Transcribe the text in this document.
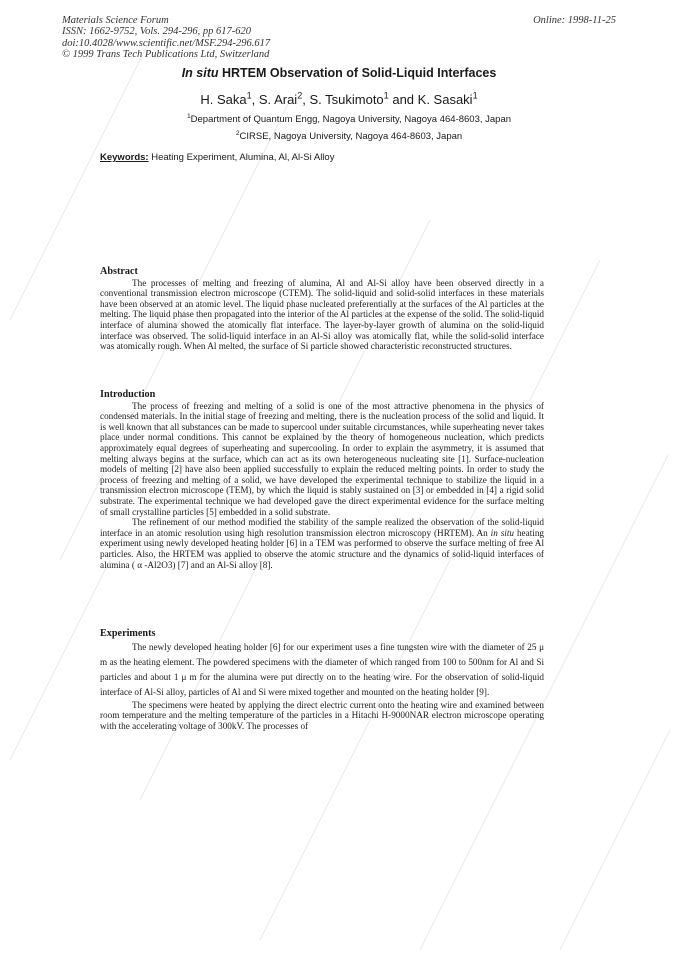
Materials Science Forum
ISSN: 1662-9752, Vols. 294-296, pp 617-620
doi:10.4028/www.scientific.net/MSF.294-296.617
© 1999 Trans Tech Publications Ltd, Switzerland
Online: 1998-11-25
In situ HRTEM Observation of Solid-Liquid Interfaces
H. Saka$^1$, S. Arai$^2$, S. Tsukimoto$^1$ and K. Sasaki$^1$
$^1$Department of Quantum Engg, Nagoya University, Nagoya 464-8603, Japan
$^2$CIRSE, Nagoya University, Nagoya 464-8603, Japan
Keywords: Heating Experiment, Alumina, Al, Al-Si Alloy
Abstract

The processes of melting and freezing of alumina, Al and Al-Si alloy have been observed directly in a conventional transmission electron microscope (CTEM). The solid-liquid and solid-solid interfaces in these materials have been observed at an atomic level. The liquid phase nucleated preferentially at the surfaces of the Al particles at the melting. The liquid phase then propagated into the interior of the Al particles at the expense of the solid. The solid-liquid interface of alumina showed the atomically flat interface. The layer-by-layer growth of alumina on the solid-liquid interface was observed. The solid-liquid interface in an Al-Si alloy was atomically flat, while the solid-solid interface was atomically rough. When Al melted, the surface of Si particle showed characteristic reconstructed structures.

Introduction

The process of freezing and melting of a solid is one of the most attractive phenomena in the physics of condensed materials. In the initial stage of freezing and melting, there is the nucleation process of the solid and liquid. It is well known that all substances can be made to supercool under suitable circumstances, while superheating never takes place under normal conditions. This cannot be explained by the theory of homogeneous nucleation, which predicts approximately equal degrees of superheating and supercooling. In order to explain the asymmetry, it is assumed that melting always begins at the surface, which can act as its own heterogeneous nucleating site [1]. Surface-nucleation models of melting [2] have also been applied successfully to explain the reduced melting points. In order to study the process of freezing and melting of a solid, we have developed the experimental technique to stabilize the liquid in a transmission electron microscope (TEM), by which the liquid is stably sustained on [3] or embedded in [4] a rigid solid substrate. The experimental technique we had developed gave the direct experimental evidence for the surface melting of small crystalline particles [5] embedded in a solid substrate.

The refinement of our method modified the stability of the sample realized the observation of the solid-liquid interface in an atomic resolution using high resolution transmission electron microscopy (HRTEM). An in situ heating experiment using newly developed heating holder [6] in a TEM was performed to observe the surface melting of free Al particles. Also, the HRTEM was applied to observe the atomic structure and the dynamics of solid-liquid interfaces of alumina ( α -Al2O3) [7] and an Al-Si alloy [8].

Experiments

The newly developed heating holder [6] for our experiment uses a fine tungsten wire with the diameter of 25 μ m as the heating element. The powdered specimens with the diameter of which ranged from 100 to 500nm for Al and Si particles and about 1 μ m for the alumina were put directly on to the heating wire. For the observation of solid-liquid interface of Al-Si alloy, particles of Al and Si were mixed together and mounted on the heating holder [9].

The specimens were heated by applying the direct electric current onto the heating wire and examined between room temperature and the melting temperature of the particles in a Hitachi H-9000NAR electron microscope operating with the accelerating voltage of 300kV. The processes of
